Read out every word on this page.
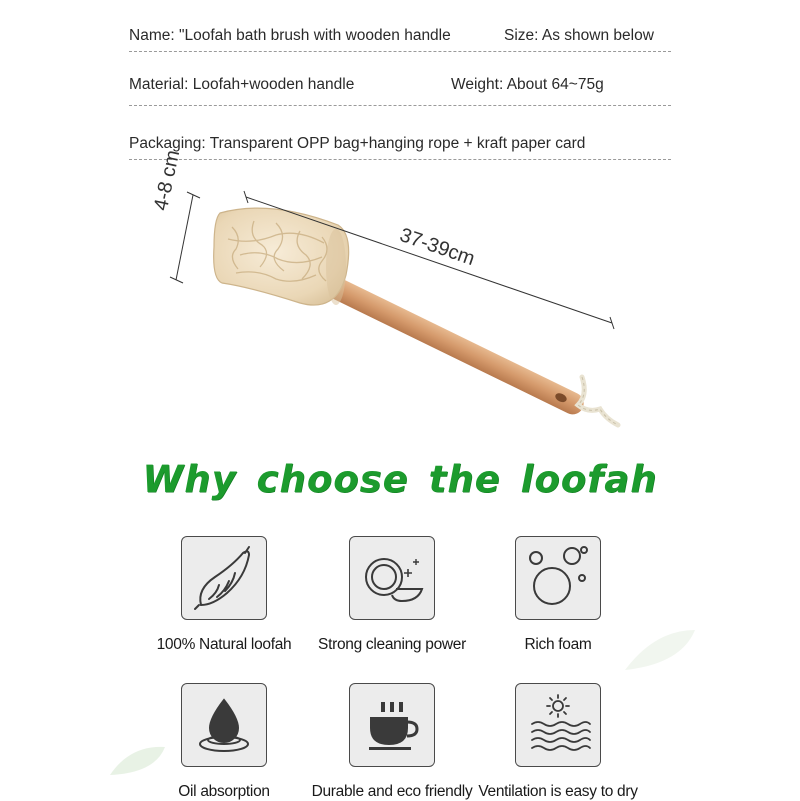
Name: "Loofah bath brush with wooden handle	Size: As shown below
Material: Loofah+wooden handle	Weight: About 64~75g
Packaging: Transparent OPP bag+hanging rope + kraft paper card
4-8 cm
37-39cm
Why choose the loofah
100% Natural loofah	Strong cleaning power	Rich foam
Oil absorption	Durable and eco friendly Ventilation is easy to dry
